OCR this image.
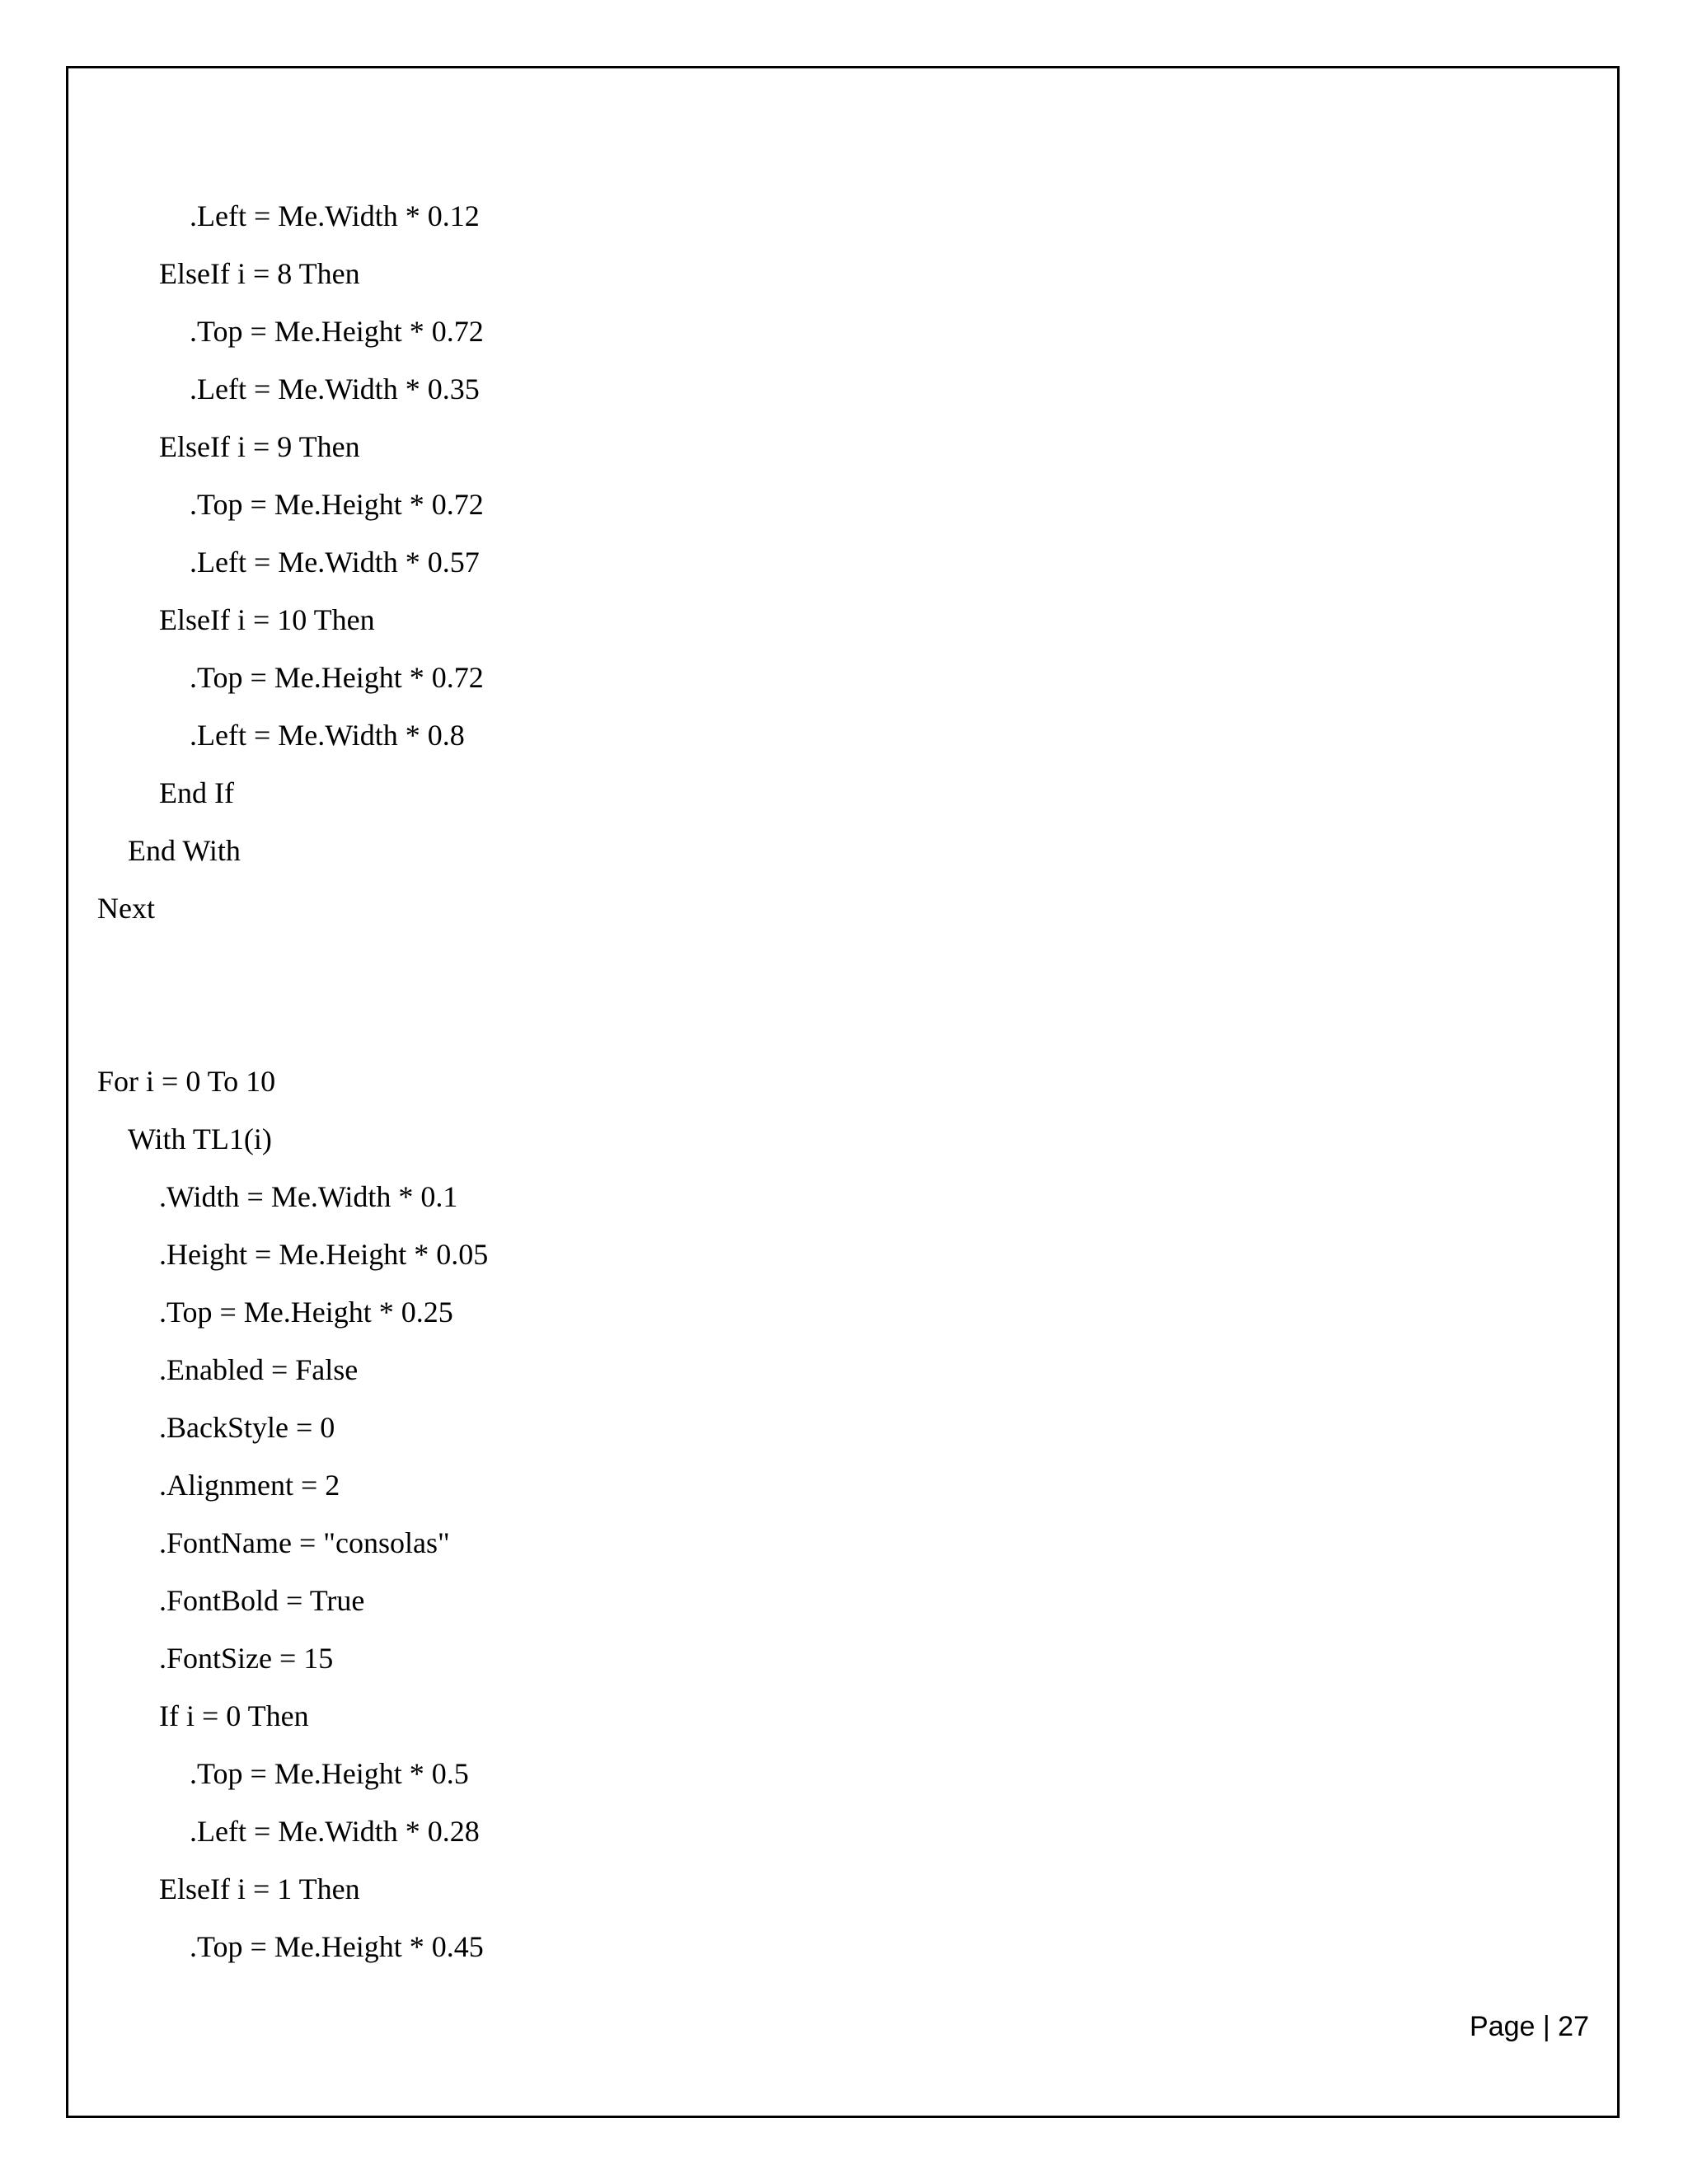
.Left = Me.Width * 0.12
ElseIf i = 8 Then
.Top = Me.Height * 0.72
.Left = Me.Width * 0.35
ElseIf i = 9 Then
.Top = Me.Height * 0.72
.Left = Me.Width * 0.57
ElseIf i = 10 Then
.Top = Me.Height * 0.72
.Left = Me.Width * 0.8
End If
End With
Next
For i = 0 To 10
With TL1(i)
.Width = Me.Width * 0.1
.Height = Me.Height * 0.05
.Top = Me.Height * 0.25
.Enabled = False
.BackStyle = 0
.Alignment = 2
.FontName = "consolas"
.FontBold = True
.FontSize = 15
If i = 0 Then
.Top = Me.Height * 0.5
.Left = Me.Width * 0.28
ElseIf i = 1 Then
.Top = Me.Height * 0.45
Page | 27
